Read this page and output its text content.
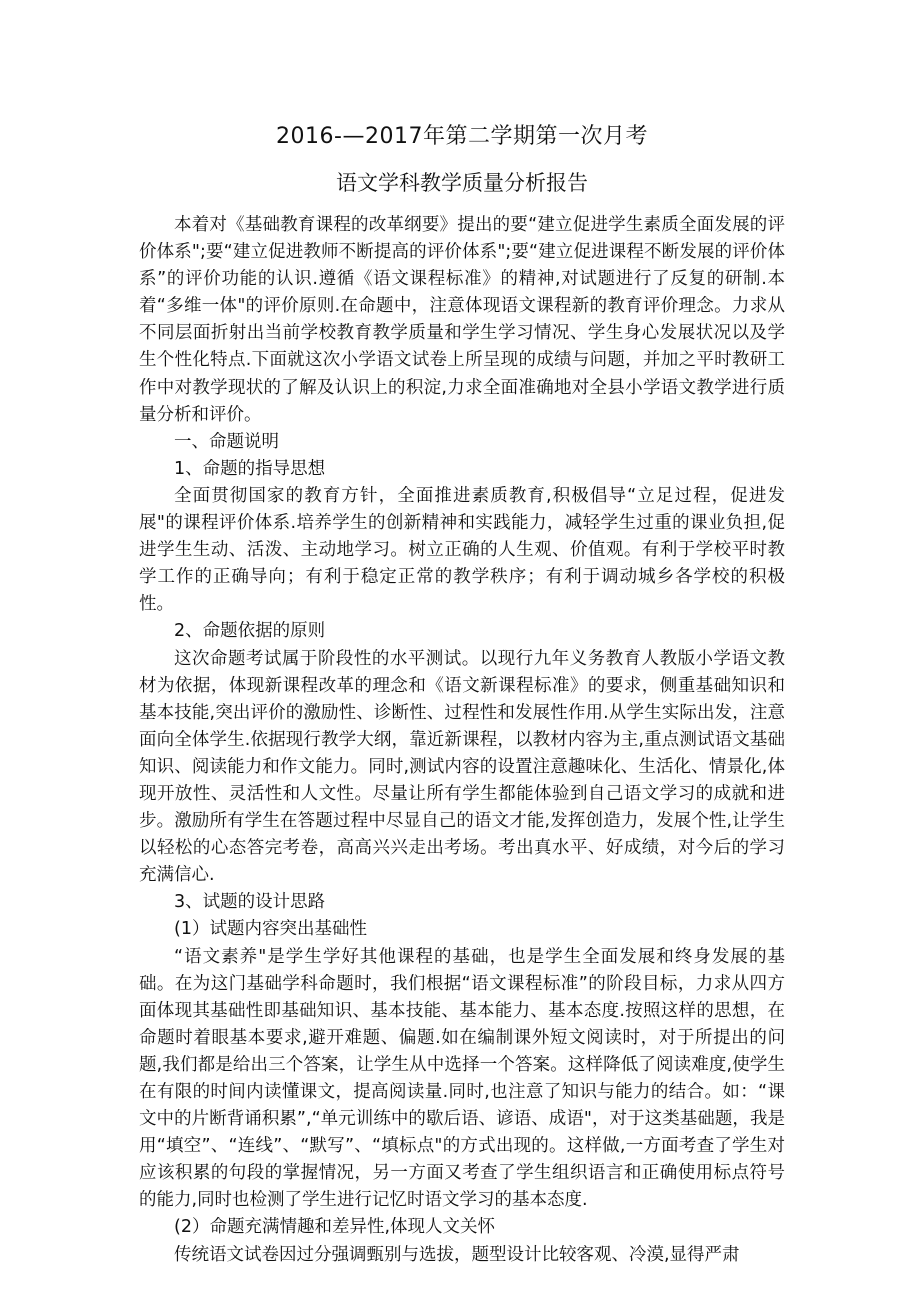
2016-—2017年第二学期第一次月考
语文学科教学质量分析报告

本着对《基础教育课程的改革纲要》提出的要“建立促进学生素质全面发展的评价体系";要“建立促进教师不断提高的评价体系";要“建立促进课程不断发展的评价体系”的评价功能的认识.遵循《语文课程标准》的精神,对试题进行了反复的研制.本着“多维一体"的评价原则.在命题中，注意体现语文课程新的教育评价理念。力求从不同层面折射出当前学校教育教学质量和学生学习情况、学生身心发展状况以及学生个性化特点.下面就这次小学语文试卷上所呈现的成绩与问题，并加之平时教研工作中对教学现状的了解及认识上的积淀,力求全面准确地对全县小学语文教学进行质量分析和评价。

一、命题说明

1、命题的指导思想

全面贯彻国家的教育方针，全面推进素质教育,积极倡导“立足过程，促进发展"的课程评价体系.培养学生的创新精神和实践能力，减轻学生过重的课业负担,促进学生生动、活泼、主动地学习。树立正确的人生观、价值观。有利于学校平时教学工作的正确导向；有利于稳定正常的教学秩序；有利于调动城乡各学校的积极性。

2、命题依据的原则

这次命题考试属于阶段性的水平测试。以现行九年义务教育人教版小学语文教材为依据，体现新课程改革的理念和《语文新课程标准》的要求，侧重基础知识和基本技能,突出评价的激励性、诊断性、过程性和发展性作用.从学生实际出发，注意面向全体学生.依据现行教学大纲，靠近新课程，以教材内容为主,重点测试语文基础知识、阅读能力和作文能力。同时,测试内容的设置注意趣味化、生活化、情景化,体现开放性、灵活性和人文性。尽量让所有学生都能体验到自己语文学习的成就和进步。激励所有学生在答题过程中尽显自己的语文才能,发挥创造力，发展个性,让学生以轻松的心态答完考卷，高高兴兴走出考场。考出真水平、好成绩，对今后的学习充满信心.

3、试题的设计思路

(1）试题内容突出基础性

“语文素养"是学生学好其他课程的基础，也是学生全面发展和终身发展的基础。在为这门基础学科命题时，我们根据“语文课程标准”的阶段目标，力求从四方面体现其基础性即基础知识、基本技能、基本能力、基本态度.按照这样的思想，在命题时着眼基本要求,避开难题、偏题.如在编制课外短文阅读时，对于所提出的问题,我们都是给出三个答案，让学生从中选择一个答案。这样降低了阅读难度,使学生在有限的时间内读懂课文，提高阅读量.同时,也注意了知识与能力的结合。如：“课文中的片断背诵积累”,“单元训练中的歇后语、谚语、成语"，对于这类基础题，我是用“填空”、“连线”、“默写”、“填标点"的方式出现的。这样做,一方面考查了学生对应该积累的句段的掌握情况，另一方面又考查了学生组织语言和正确使用标点符号的能力,同时也检测了学生进行记忆时语文学习的基本态度.

(2）命题充满情趣和差异性,体现人文关怀

传统语文试卷因过分强调甄别与选拔，题型设计比较客观、冷漠,显得严肃
